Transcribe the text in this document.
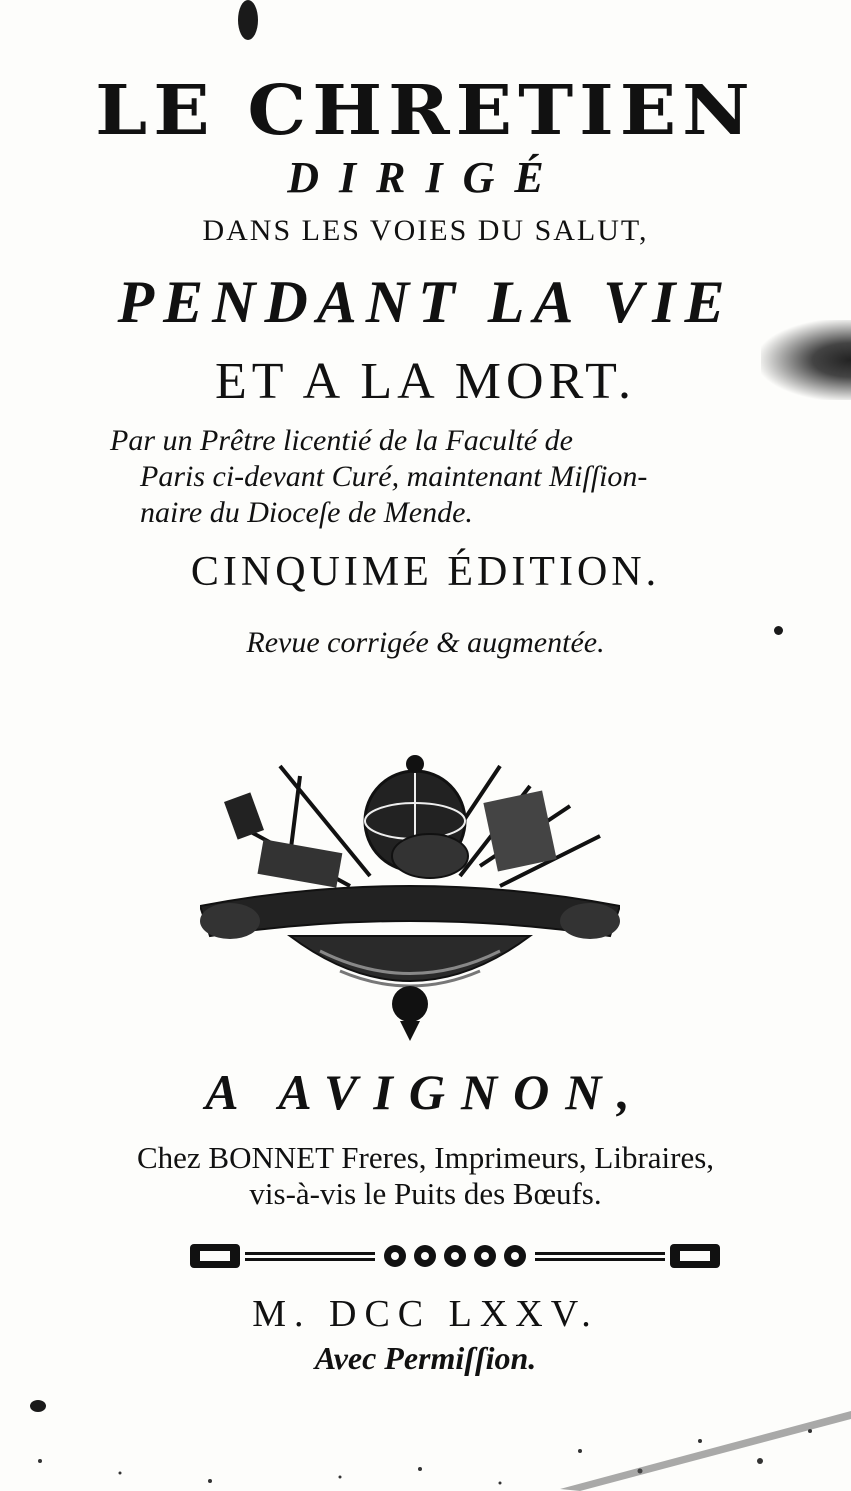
LE CHRETIEN
DIRIGÉ
DANS LES VOIES DU SALUT,
PENDANT LA VIE
ET A LA MORT.
Par un Prêtre licentié de la Faculté de
Paris ci-devant Curé, maintenant Miſſion-
naire du Dioceſe de Mende.
CINQUIME ÉDITION.
Revue corrigée & augmentée.
A AVIGNON,
Chez BONNET Freres, Imprimeurs, Libraires,
vis-à-vis le Puits des Bœufs.
M. DCC LXXV.
Avec Permiſſion.
